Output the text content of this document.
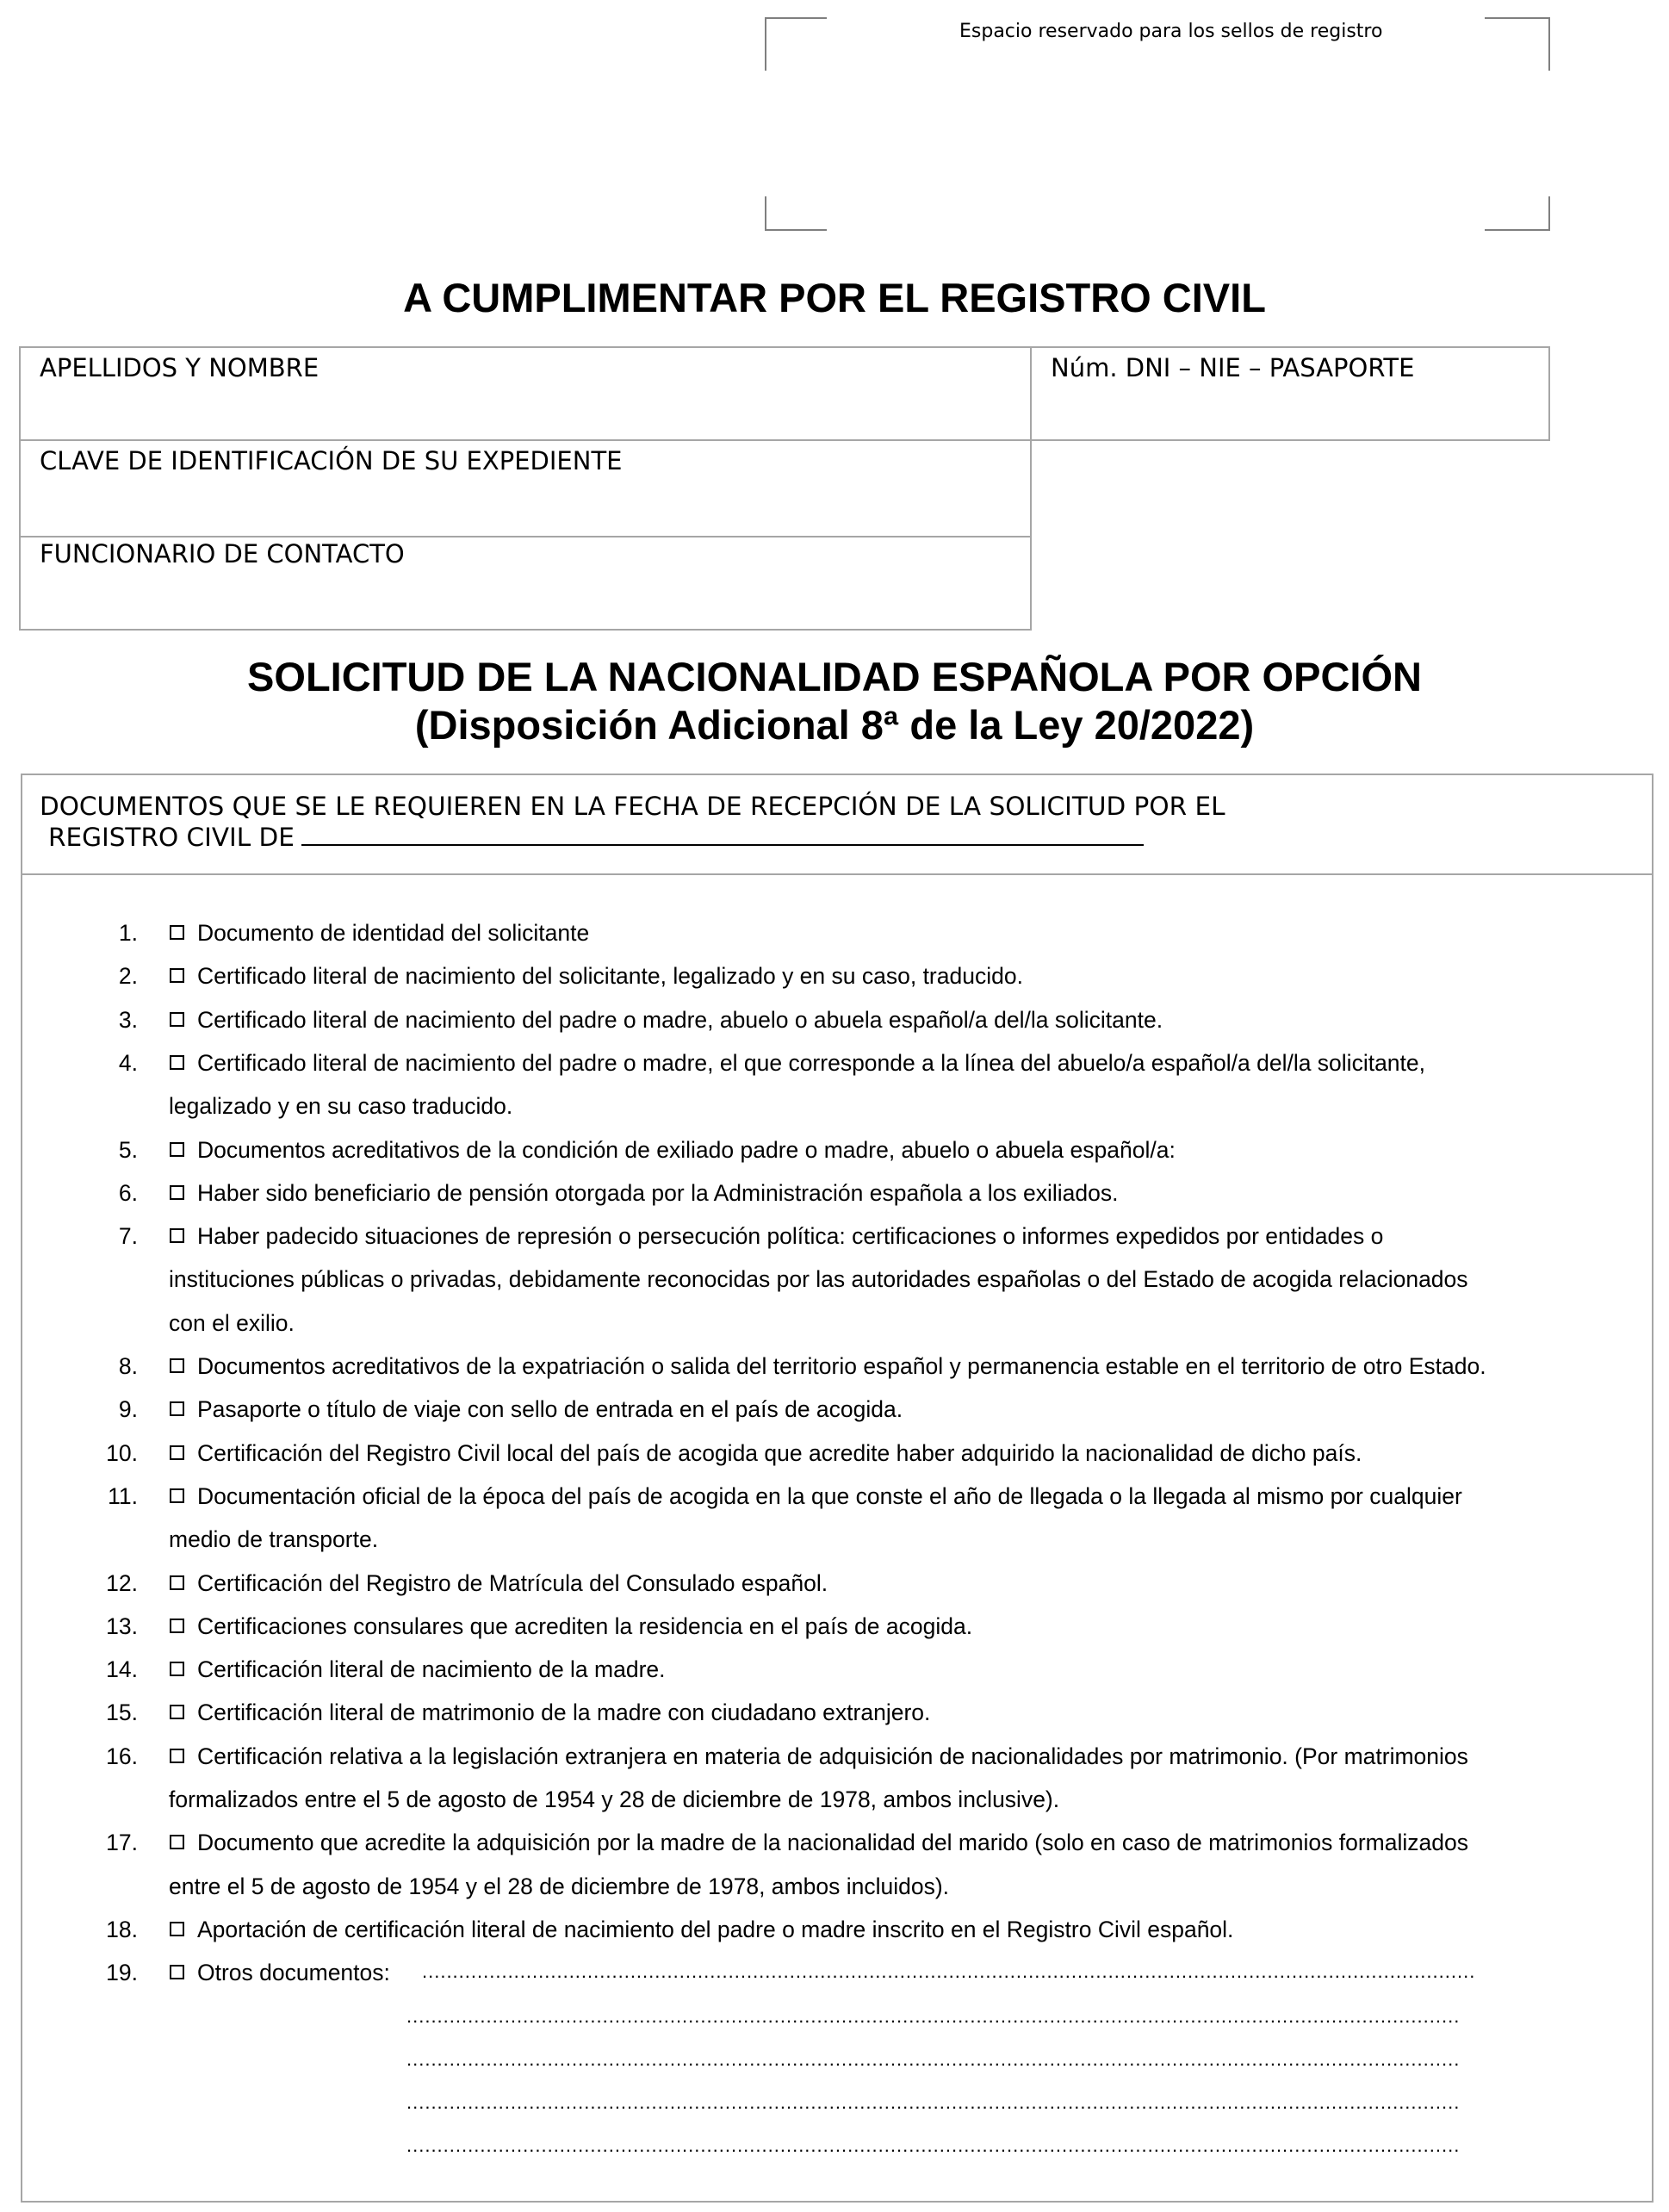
Espacio reservado para los sellos de registro
A CUMPLIMENTAR POR EL REGISTRO CIVIL
APELLIDOS Y NOMBRE	Núm. DNI – NIE – PASAPORTE
CLAVE DE IDENTIFICACIÓN DE SU EXPEDIENTE
FUNCIONARIO DE CONTACTO
SOLICITUD DE LA NACIONALIDAD ESPAÑOLA POR OPCIÓN
(Disposición Adicional 8ª de la Ley 20/2022)
DOCUMENTOS QUE SE LE REQUIEREN EN LA FECHA DE RECEPCIÓN DE LA SOLICITUD POR EL
REGISTRO CIVIL DE
1.	Documento de identidad del solicitante
2.	Certificado literal de nacimiento del solicitante, legalizado y en su caso, traducido.
3.	Certificado literal de nacimiento del padre o madre, abuelo o abuela español/a del/la solicitante.
4.	Certificado literal de nacimiento del padre o madre, el que corresponde a la línea del abuelo/a español/a del/la solicitante,
legalizado y en su caso traducido.
5.	Documentos acreditativos de la condición de exiliado padre o madre, abuelo o abuela español/a:
6.	Haber sido beneficiario de pensión otorgada por la Administración española a los exiliados.
7.	Haber padecido situaciones de represión o persecución política: certificaciones o informes expedidos por entidades o
instituciones públicas o privadas, debidamente reconocidas por las autoridades españolas o del Estado de acogida relacionados
con el exilio.
8.	Documentos acreditativos de la expatriación o salida del territorio español y permanencia estable en el territorio de otro Estado.
9.	Pasaporte o título de viaje con sello de entrada en el país de acogida.
10.	Certificación del Registro Civil local del país de acogida que acredite haber adquirido la nacionalidad de dicho país.
11.	Documentación oficial de la época del país de acogida en la que conste el año de llegada o la llegada al mismo por cualquier
medio de transporte.
12.	Certificación del Registro de Matrícula del Consulado español.
13.	Certificaciones consulares que acrediten la residencia en el país de acogida.
14.	Certificación literal de nacimiento de la madre.
15.	Certificación literal de matrimonio de la madre con ciudadano extranjero.
16.	Certificación relativa a la legislación extranjera en materia de adquisición de nacionalidades por matrimonio. (Por matrimonios
formalizados entre el 5 de agosto de 1954 y 28 de diciembre de 1978, ambos inclusive).
17.	Documento que acredite la adquisición por la madre de la nacionalidad del marido (solo en caso de matrimonios formalizados
entre el 5 de agosto de 1954 y el 28 de diciembre de 1978, ambos incluidos).
18.	Aportación de certificación literal de nacimiento del padre o madre inscrito en el Registro Civil español.
19.	Otros documentos: ............................................................................................................................................................................
............................................................................................................................................................................
............................................................................................................................................................................
............................................................................................................................................................................
............................................................................................................................................................................
